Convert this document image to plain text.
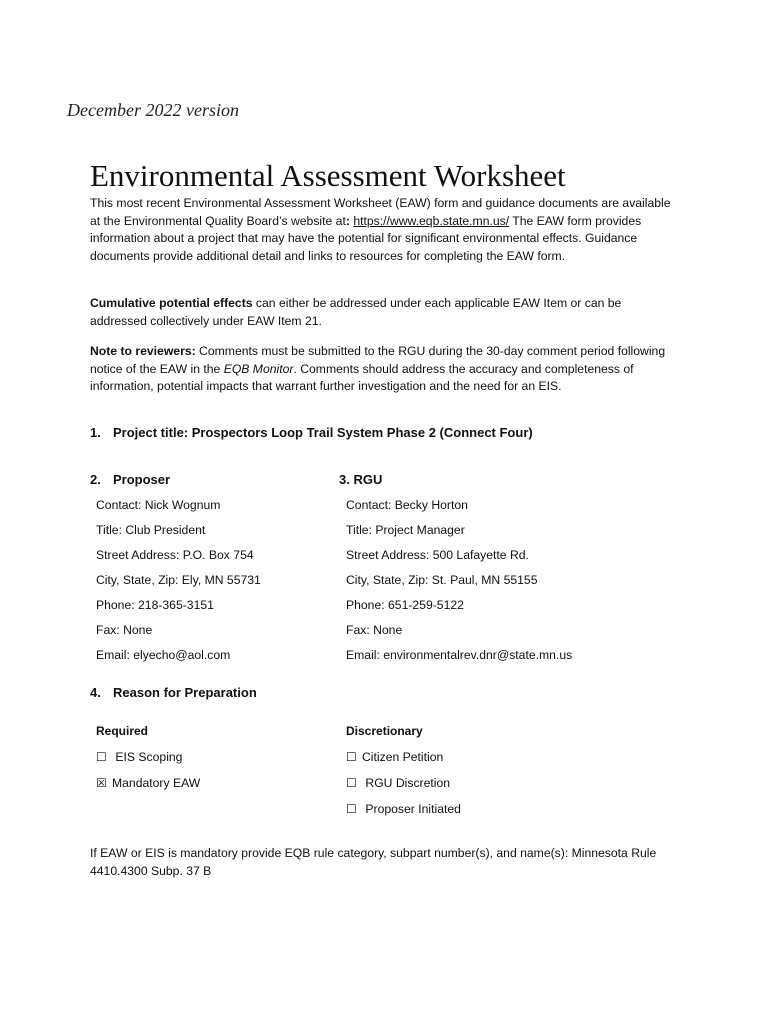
December 2022 version
Environmental Assessment Worksheet
This most recent Environmental Assessment Worksheet (EAW) form and guidance documents are available at the Environmental Quality Board’s website at: https://www.eqb.state.mn.us/ The EAW form provides information about a project that may have the potential for significant environmental effects. Guidance documents provide additional detail and links to resources for completing the EAW form.
Cumulative potential effects can either be addressed under each applicable EAW Item or can be addressed collectively under EAW Item 21.
Note to reviewers: Comments must be submitted to the RGU during the 30-day comment period following notice of the EAW in the EQB Monitor. Comments should address the accuracy and completeness of information, potential impacts that warrant further investigation and the need for an EIS.
1. Project title: Prospectors Loop Trail System Phase 2 (Connect Four)
2. Proposer	3. RGU
Contact: Nick Wognum
Title: Club President
Street Address: P.O. Box 754
City, State, Zip: Ely, MN 55731
Phone: 218-365-3151
Fax: None
Email: elyecho@aol.com
Contact: Becky Horton
Title: Project Manager
Street Address: 500 Lafayette Rd.
City, State, Zip: St. Paul, MN 55155
Phone: 651-259-5122
Fax: None
Email: environmentalrev.dnr@state.mn.us
4. Reason for Preparation
Required	Discretionary
☐ EIS Scoping
☒ Mandatory EAW
☐ Citizen Petition
☐ RGU Discretion
☐ Proposer Initiated
If EAW or EIS is mandatory provide EQB rule category, subpart number(s), and name(s): Minnesota Rule 4410.4300 Subp. 37 B
